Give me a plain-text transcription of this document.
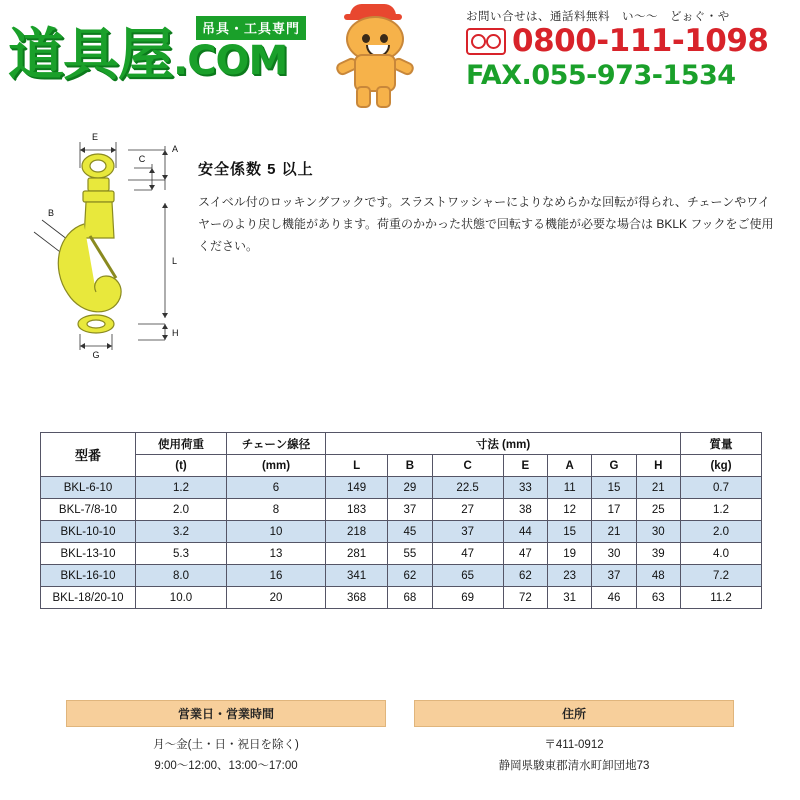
吊具・工具専門
道具屋.COM
お問い合せは、通話料無料　い～～　どぉぐ・や
0800-111-1098
FAX.055-973-1534
E
A
C
B
L
H
G
安全係数 5 以上

スイベル付のロッキングフックです。スラストワッシャーによりなめらかな回転が得られ、チェーンやワイヤーのより戻し機能があります。荷重のかかった状態で回転する機能が必要な場合は BKLK フックをご使用ください。

型番	使用荷重	チェーン線径	寸法 (mm)							質量
	(t)	(mm)	L	B	C	E	A	G	H	(kg)
BKL-6-10	1.2	6	149	29	22.5	33	11	15	21	0.7
BKL-7/8-10	2.0	8	183	37	27	38	12	17	25	1.2
BKL-10-10	3.2	10	218	45	37	44	15	21	30	2.0
BKL-13-10	5.3	13	281	55	47	47	19	30	39	4.0
BKL-16-10	8.0	16	341	62	65	62	23	37	48	7.2
BKL-18/20-10	10.0	20	368	68	69	72	31	46	63	11.2
営業日・営業時間
月～金(土・日・祝日を除く)
9:00～12:00、13:00～17:00
住所
〒411-0912
静岡県駿東郡清水町卸団地73
